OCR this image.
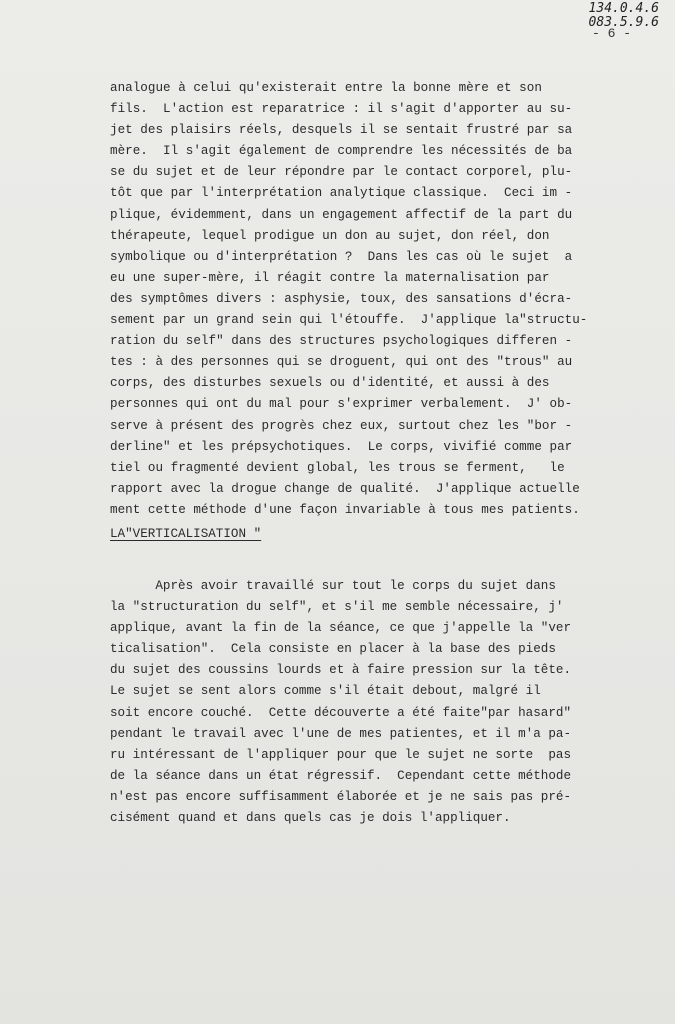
134.0.4.6
083.5.9.6
- 6 -
analogue à celui qu'existerait entre la bonne mère et son
fils.  L'action est reparatrice : il s'agit d'apporter au su-
jet des plaisirs réels, desquels il se sentait frustré par sa
mère.  Il s'agit également de comprendre les nécessités de ba
se du sujet et de leur répondre par le contact corporel, plu-
tôt que par l'interprétation analytique classique.  Ceci im -
plique, évidemment, dans un engagement affectif de la part du
thérapeute, lequel prodigue un don au sujet, don réel, don
symbolique ou d'interprétation ?  Dans les cas où le sujet  a
eu une super-mère, il réagit contre la maternalisation par
des symptômes divers : asphysie, toux, des sansations d'écra-
sement par un grand sein qui l'étouffe.  J'applique la"structu-
ration du self" dans des structures psychologiques differen -
tes : à des personnes qui se droguent, qui ont des "trous" au
corps, des disturbes sexuels ou d'identité, et aussi à des
personnes qui ont du mal pour s'exprimer verbalement.  J' ob-
serve à présent des progrès chez eux, surtout chez les "bor -
derline" et les prépsychotiques.  Le corps, vivifié comme par
tiel ou fragmenté devient global, les trous se ferment,   le
rapport avec la drogue change de qualité.  J'applique actuelle
ment cette méthode d'une façon invariable à tous mes patients.
LA"VERTICALISATION "
Après avoir travaillé sur tout le corps du sujet dans
la "structuration du self", et s'il me semble nécessaire, j'
applique, avant la fin de la séance, ce que j'appelle la "ver
ticalisation".  Cela consiste en placer à la base des pieds
du sujet des coussins lourds et à faire pression sur la tête.
Le sujet se sent alors comme s'il était debout, malgré il
soit encore couché.  Cette découverte a été faite"par hasard"
pendant le travail avec l'une de mes patientes, et il m'a pa-
ru intéressant de l'appliquer pour que le sujet ne sorte  pas
de la séance dans un état régressif.  Cependant cette méthode
n'est pas encore suffisamment élaborée et je ne sais pas pré-
cisément quand et dans quels cas je dois l'appliquer.
